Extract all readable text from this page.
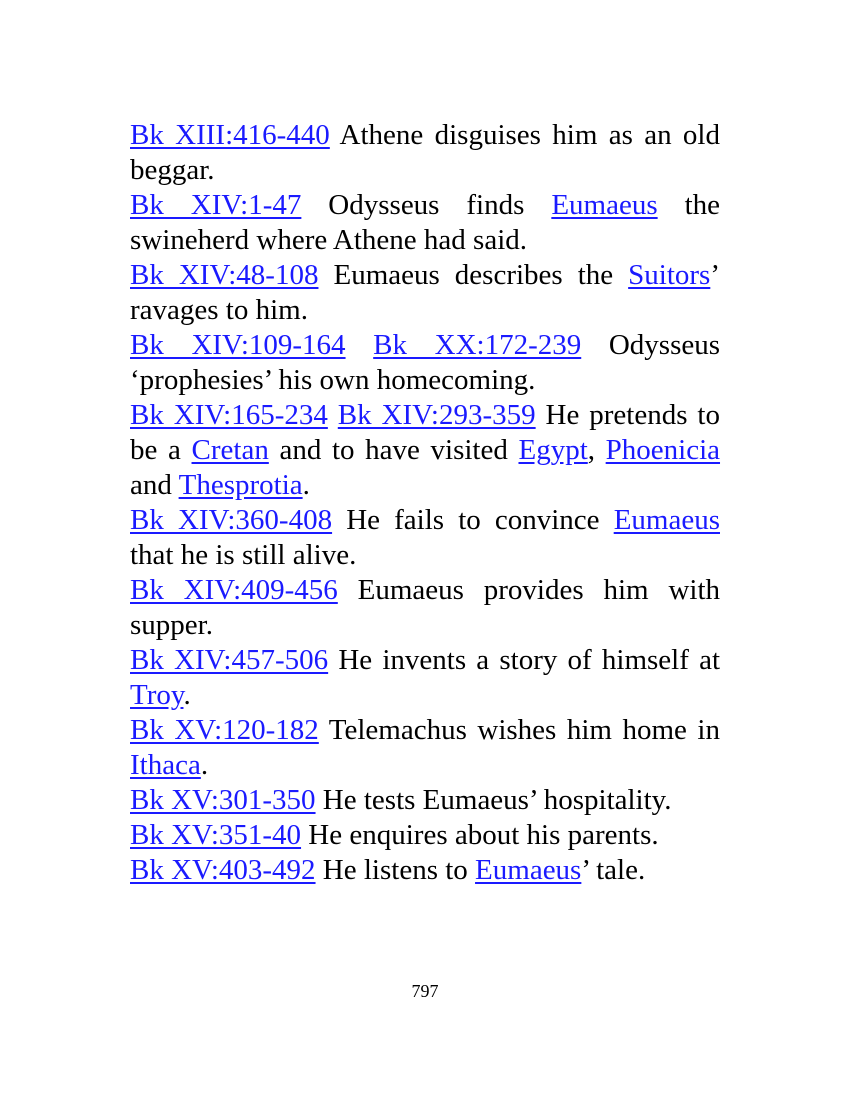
Bk XIII:416-440 Athene disguises him as an old beggar.

Bk XIV:1-47 Odysseus finds Eumaeus the swineherd where Athene had said.

Bk XIV:48-108 Eumaeus describes the Suitors’ ravages to him.

Bk XIV:109-164 Bk XX:172-239 Odysseus ‘prophesies’ his own homecoming.

Bk XIV:165-234 Bk XIV:293-359 He pretends to be a Cretan and to have visited Egypt, Phoenicia and Thesprotia.

Bk XIV:360-408 He fails to convince Eumaeus that he is still alive.

Bk XIV:409-456 Eumaeus provides him with supper.

Bk XIV:457-506 He invents a story of himself at Troy.

Bk XV:120-182 Telemachus wishes him home in Ithaca.

Bk XV:301-350 He tests Eumaeus’ hospitality.

Bk XV:351-40 He enquires about his parents.

Bk XV:403-492 He listens to Eumaeus’ tale.

797
